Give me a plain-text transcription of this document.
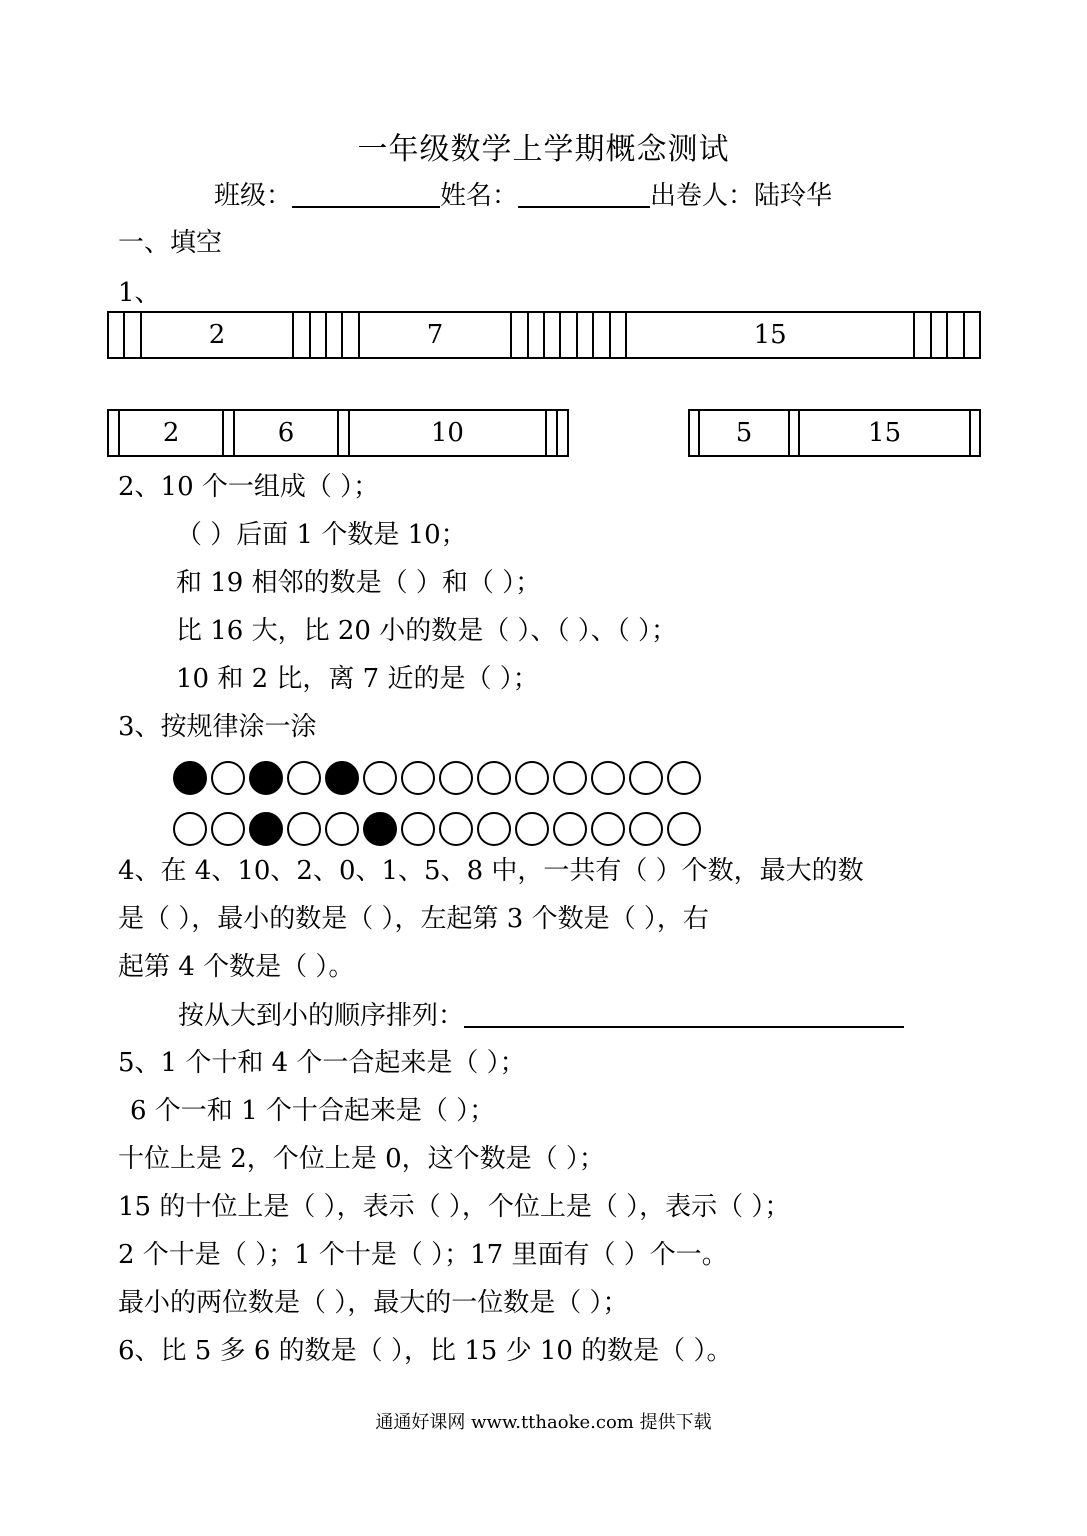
一年级数学上学期概念测试
班级：	姓名：	出卷人：陆玲华
一、填空
1、
		2					7								15				
	2		6		10		
		5		15	
2、10 个一组成（ ）；
（ ）后面 1 个数是 10；
和 19 相邻的数是（ ）和（ ）；
比 16 大，比 20 小的数是（ ）、（ ）、（ ）；
10 和 2 比，离 7 近的是（ ）；
3、按规律涂一涂
4、在 4、10、2、0、1、5、8 中，一共有（ ）个数，最大的数
是（ ），最小的数是（ ），左起第 3 个数是（ ），右
起第 4 个数是（ ）。
按从大到小的顺序排列：
5、1 个十和 4 个一合起来是（ ）；
6 个一和 1 个十合起来是（ ）；
十位上是 2，个位上是 0，这个数是（ ）；
15 的十位上是（ ），表示（ ），个位上是（ ），表示（ ）；
2 个十是（ ）；1 个十是（ ）；17 里面有（ ）个一。
最小的两位数是（ ），最大的一位数是（ ）；
6、比 5 多 6 的数是（ ），比 15 少 10 的数是（ ）。
通通好课网 www.tthaoke.com 提供下载
